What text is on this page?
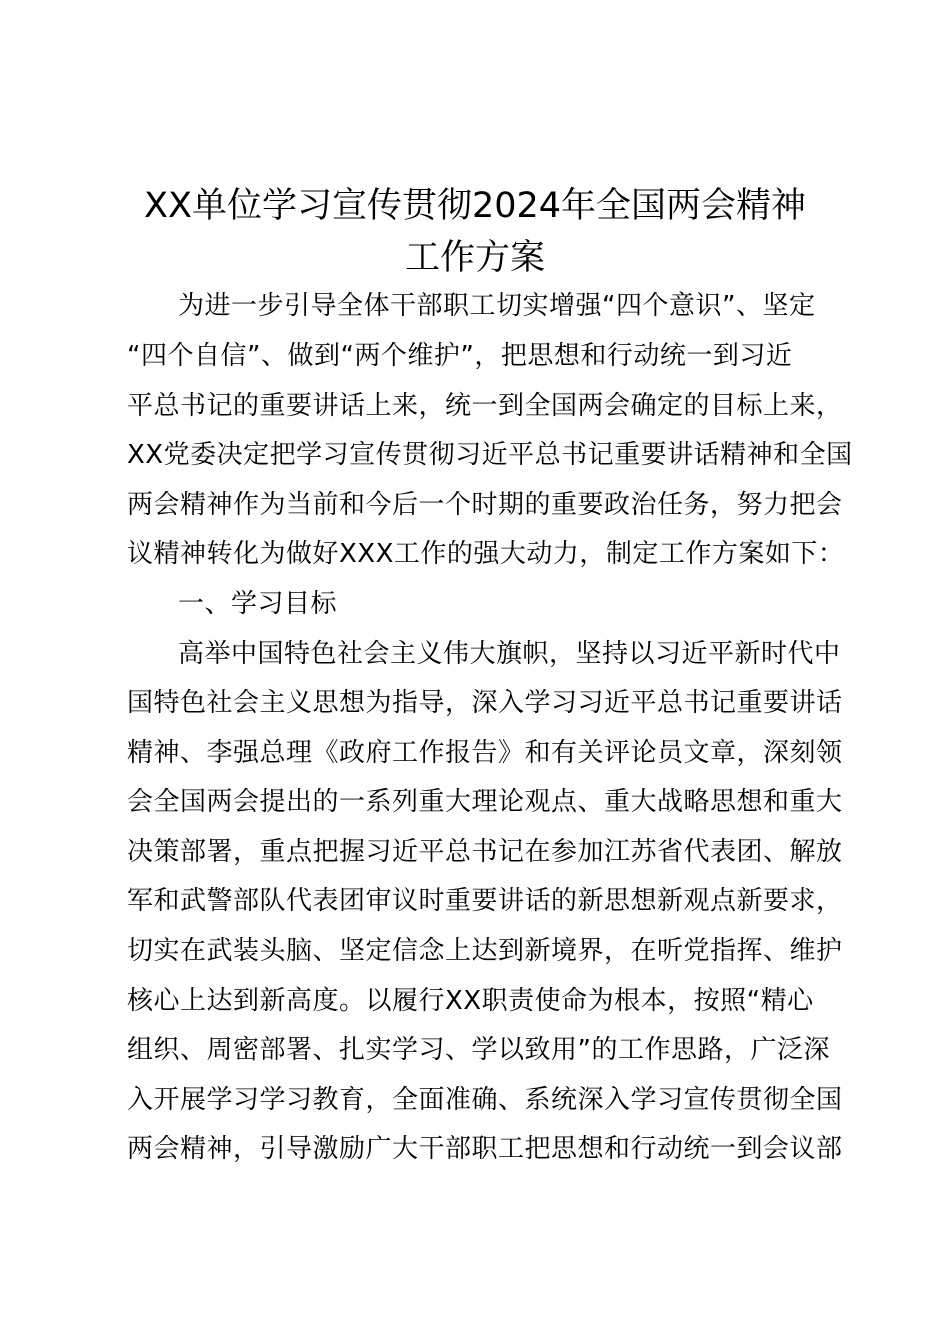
XX单位学习宣传贯彻2024年全国两会精神
工作方案

为进一步引导全体干部职工切实增强“四个意识”、坚定

“四个自信”、做到“两个维护”，把思想和行动统一到习近

平总书记的重要讲话上来，统一到全国两会确定的目标上来，

XX党委决定把学习宣传贯彻习近平总书记重要讲话精神和全国

两会精神作为当前和今后一个时期的重要政治任务，努力把会

议精神转化为做好XXX工作的强大动力，制定工作方案如下：

一、学习目标

高举中国特色社会主义伟大旗帜，坚持以习近平新时代中

国特色社会主义思想为指导，深入学习习近平总书记重要讲话

精神、李强总理《政府工作报告》和有关评论员文章，深刻领

会全国两会提出的一系列重大理论观点、重大战略思想和重大

决策部署，重点把握习近平总书记在参加江苏省代表团、解放

军和武警部队代表团审议时重要讲话的新思想新观点新要求，

切实在武装头脑、坚定信念上达到新境界，在听党指挥、维护

核心上达到新高度。以履行XX职责使命为根本，按照“精心

组织、周密部署、扎实学习、学以致用”的工作思路，广泛深

入开展学习学习教育，全面准确、系统深入学习宣传贯彻全国

两会精神，引导激励广大干部职工把思想和行动统一到会议部
